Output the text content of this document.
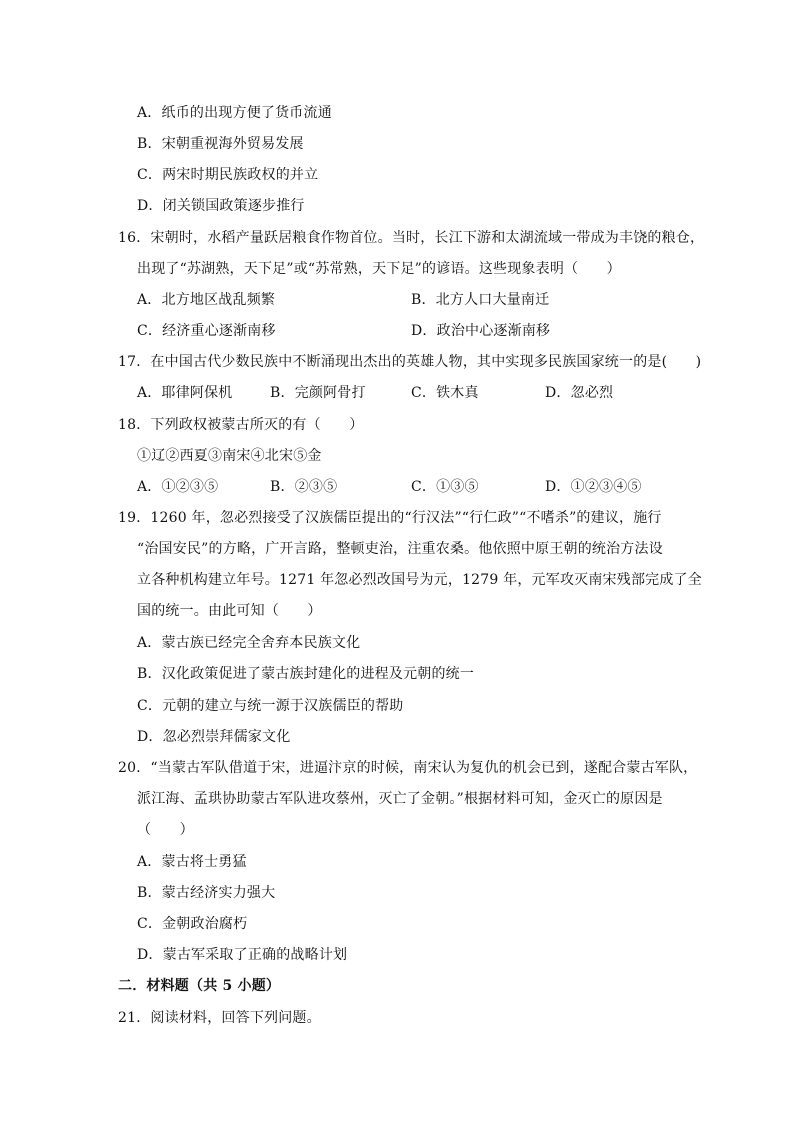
A．纸币的出现方便了货币流通
B．宋朝重视海外贸易发展
C．两宋时期民族政权的并立
D．闭关锁国政策逐步推行
16．宋朝时，水稻产量跃居粮食作物首位。当时，长江下游和太湖流域一带成为丰饶的粮仓，
出现了“苏湖熟，天下足”或“苏常熟，天下足”的谚语。这些现象表明（　　）
A．北方地区战乱频繁	B．北方人口大量南迁
C．经济重心逐渐南移	D．政治中心逐渐南移
17．在中国古代少数民族中不断涌现出杰出的英雄人物，其中实现多民族国家统一的是(　　)
A．耶律阿保机	B．完颜阿骨打	C．铁木真	D．忽必烈
18．下列政权被蒙古所灭的有（　　）
①辽②西夏③南宋④北宋⑤金
A．①②③⑤	B．②③⑤	C．①③⑤	D．①②③④⑤
19．1260 年，忽必烈接受了汉族儒臣提出的“行汉法”“行仁政”“不嗜杀”的建议，施行
“治国安民”的方略，广开言路，整顿吏治，注重农桑。他依照中原王朝的统治方法设
立各种机构建立年号。1271 年忽必烈改国号为元，1279 年，元军攻灭南宋残部完成了全
国的统一。由此可知（　　）
A．蒙古族已经完全舍弃本民族文化
B．汉化政策促进了蒙古族封建化的进程及元朝的统一
C．元朝的建立与统一源于汉族儒臣的帮助
D．忽必烈崇拜儒家文化
20．“当蒙古军队借道于宋，进逼汴京的时候，南宋认为复仇的机会已到，遂配合蒙古军队，
派江海、孟珙协助蒙古军队进攻蔡州，灭亡了金朝。”根据材料可知，金灭亡的原因是
（　　）
A．蒙古将士勇猛
B．蒙古经济实力强大
C．金朝政治腐朽
D．蒙古军采取了正确的战略计划
二．材料题（共 5 小题）
21．阅读材料，回答下列问题。
